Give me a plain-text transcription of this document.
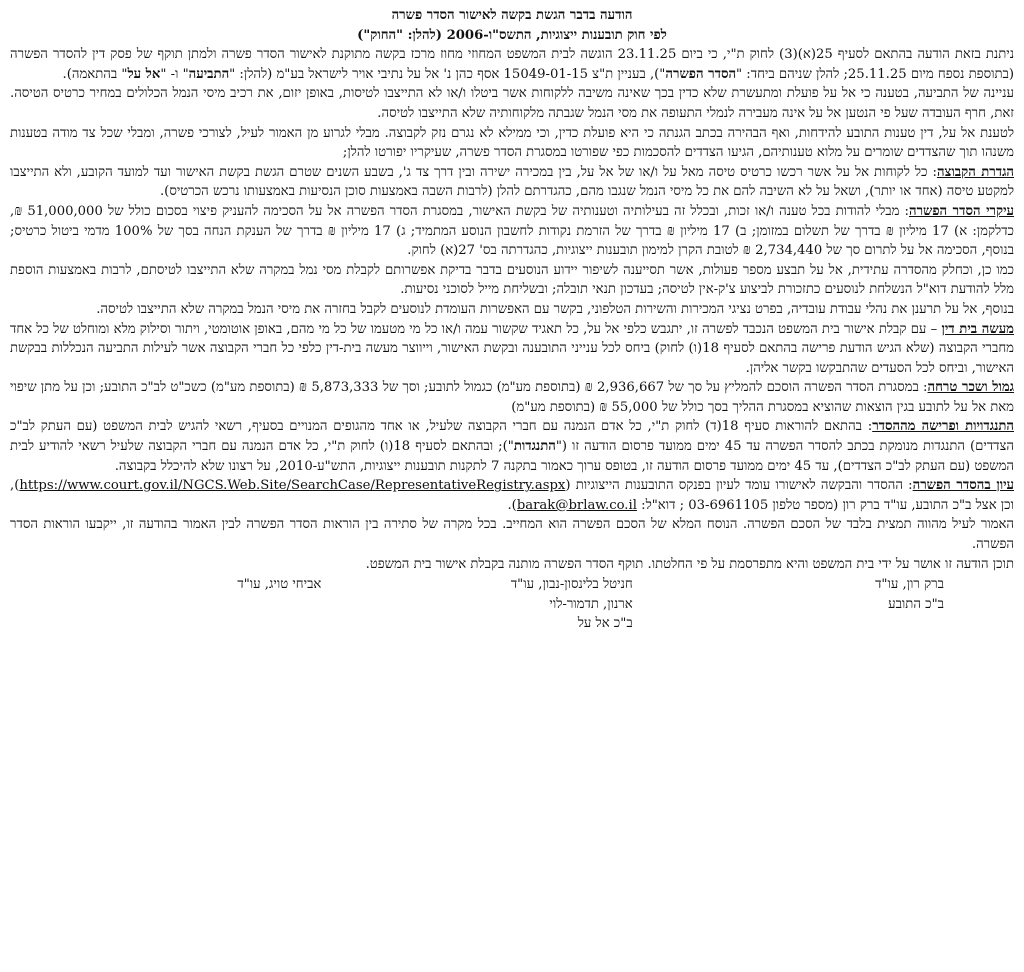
הודעה בדבר הגשת בקשה לאישור הסדר פשרה
לפי חוק תובענות ייצוגיות, התשס"ו-2006 (להלן: "החוק")

ניתנת בזאת הודעה בהתאם לסעיף 25(א)(3) לחוק ת"י, כי ביום 23.11.25 הוגשה לבית המשפט המחוזי מחוז מרכז בקשה מתוקנת לאישור הסדר פשרה ולמתן תוקף של פסק דין להסדר הפשרה (בתוספת נספח מיום 25.11.25; להלן שניהם ביחד: "הסדר הפשרה"), בעניין ת"צ 15049-01-15 אסף כהן נ' אל על נתיבי אויר לישראל בע"מ (להלן: "התביעה" ו- "אל על" בהתאמה).

עניינה של התביעה, בטענה כי אל על פועלת ומתעשרת שלא כדין בכך שאינה משיבה ללקוחות אשר ביטלו ו/או לא התייצבו לטיסות, באופן יזום, את רכיב מיסי הנמל הכלולים במחיר כרטיס הטיסה. זאת, חרף העובדה שעל פי הנטען אל על אינה מעבירה לנמלי התעופה את מסי הנמל שגבתה מלקוחותיה שלא התייצבו לטיסה.

לטענת אל על, דין טענות התובע להידחות, ואף הבהירה בכתב הגנתה כי היא פועלת כדין, וכי ממילא לא נגרם נזק לקבוצה. מבלי לגרוע מן האמור לעיל, לצורכי פשרה, ומבלי שכל צד מודה בטענות משנהו תוך שהצדדים שומרים על מלוא טענותיהם, הגיעו הצדדים להסכמות כפי שפורטו במסגרת הסדר פשרה, שעיקריו יפורטו להלן;

הגדרת הקבוצה: כל לקוחות אל על אשר רכשו כרטיס טיסה מאל על ו/או של אל על, בין במכירה ישירה ובין דרך צד ג', בשבע השנים שטרם הגשת בקשת האישור ועד למועד הקובע, ולא התייצבו למקטע טיסה (אחד או יותר), ושאל על לא השיבה להם את כל מיסי הנמל שנגבו מהם, כהגדרתם להלן (לרבות השבה באמצעות סוכן הנסיעות באמצעותו נרכש הכרטיס).

עיקרי הסדר הפשרה: מבלי להודות בכל טענה ו/או זכות, ובכלל זה בעילותיה וטענותיה של בקשת האישור, במסגרת הסדר הפשרה אל על הסכימה להעניק פיצוי בסכום כולל של 51,000,000 ₪, כדלקמן: א) 17 מיליון ₪ בדרך של תשלום במזומן; ב) 17 מיליון ₪ בדרך של הזרמת נקודות לחשבון הנוסע המתמיד; ג) 17 מיליון ₪ בדרך של הענקת הנחה בסך של 100% מדמי ביטול כרטיס; בנוסף, הסכימה אל על לתרום סך של 2,734,440 ₪ לטובת הקרן למימון תובענות ייצוגיות, כהגדרתה בס' 27(א) לחוק.

כמו כן, וכחלק מהסדרה עתידית, אל על תבצע מספר פעולות, אשר תסייענה לשיפור יידוע הנוסעים בדבר בדיקת אפשרותם לקבלת מסי נמל במקרה שלא התייצבו לטיסתם, לרבות באמצעות הוספת מלל להודעת דוא"ל הנשלחת לנוסעים כתזכורת לביצוע צ'ק-אין לטיסה; בעדכון תנאי תובלה; ובשליחת מייל לסוכני נסיעות.

בנוסף, אל על תרענן את נהלי עבודת עובדיה, בפרט נציגי המכירות והשירות הטלפוני, בקשר עם האפשרות העומדת לנוסעים לקבל בחזרה את מיסי הנמל במקרה שלא התייצבו לטיסה.

מעשה בית דין – עם קבלת אישור בית המשפט הנכבד לפשרה זו, יתגבש כלפי אל על, כל תאגיד שקשור עמה ו/או כל מי מטעמו של כל מי מהם, באופן אוטומטי, ויתור וסילוק מלא ומוחלט של כל אחד מחברי הקבוצה (שלא הגיש הודעת פרישה בהתאם לסעיף 18(ו) לחוק) ביחס לכל ענייני התובענה ובקשת האישור, וייווצר מעשה בית-דין כלפי כל חברי הקבוצה אשר לעילות התביעה הנכללות בבקשת האישור, וביחס לכל הסעדים שהתבקשו בקשר אליהן.

גמול ושכר טרחה: במסגרת הסדר הפשרה הוסכם להמליץ על סך של 2,936,667 ₪ (בתוספת מע"מ) כגמול לתובע; וסך של 5,873,333 ₪ (בתוספת מע"מ) כשכ"ט לב"כ התובע; וכן על מתן שיפוי מאת אל על לתובע בגין הוצאות שהוציא במסגרת ההליך בסך כולל של 55,000 ₪ (בתוספת מע"מ)

התנגדויות ופרישה מההסדר: בהתאם להוראות סעיף 18(ד) לחוק ת"י, כל אדם הנמנה עם חברי הקבוצה שלעיל, או אחד מהגופים המנויים בסעיף, רשאי להגיש לבית המשפט (עם העתק לב"כ הצדדים) התנגדות מנומקת בכתב להסדר הפשרה עד 45 ימים ממועד פרסום הודעה זו ("התנגדות"); ובהתאם לסעיף 18(ו) לחוק ת"י, כל אדם הנמנה עם חברי הקבוצה שלעיל רשאי להודיע לבית המשפט (עם העתק לב"כ הצדדים), עד 45 ימים ממועד פרסום הודעה זו, בטופס ערוך כאמור בתקנה 7 לתקנות תובענות ייצוגיות, התש"ע-2010, על רצונו שלא להיכלל בקבוצה.

עיון בהסדר הפשרה: ההסדר והבקשה לאישורו עומד לעיון בפנקס התובענות הייצוגיות (https://www.court.gov.il/NGCS.Web.Site/SearchCase/RepresentativeRegistry.aspx), וכן אצל ב"כ התובע, עו"ד ברק רון (מספר טלפון 03-6961105 ; דוא"ל: barak@brlaw.co.il).

האמור לעיל מהווה תמצית בלבד של הסכם הפשרה. הנוסח המלא של הסכם הפשרה הוא המחייב. בכל מקרה של סתירה בין הוראות הסדר הפשרה לבין האמור בהודעה זו, ייקבעו הוראות הסדר הפשרה.

תוכן הודעה זו אושר על ידי בית המשפט והיא מתפרסמת על פי החלטתו. תוקף הסדר הפשרה מותנה בקבלת אישור בית המשפט.

ברק רון, עו"ד
ב"כ התובע
חניטל בלינסון-נבון, עו"ד
ארנון, תדמור-לוי
ב"כ אל על
אביחי טויג, עו"ד
